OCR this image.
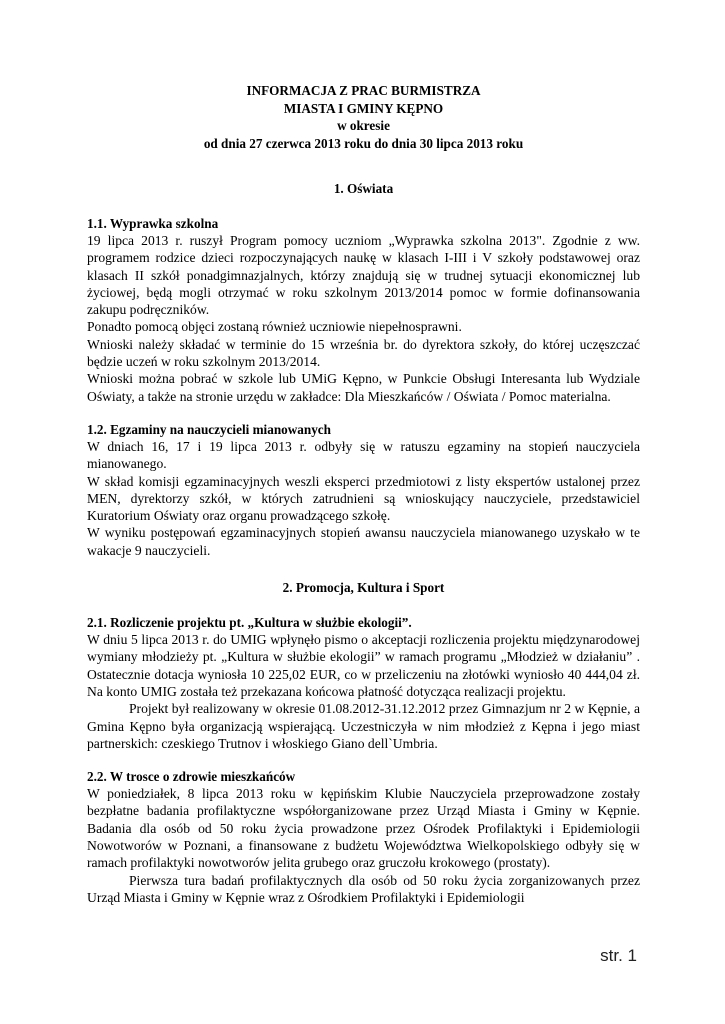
INFORMACJA Z PRAC BURMISTRZA
MIASTA I GMINY KĘPNO
w okresie
od dnia 27 czerwca 2013 roku do dnia 30 lipca 2013 roku
1. Oświata
1.1. Wyprawka szkolna

19 lipca 2013 r. ruszył Program pomocy uczniom „Wyprawka szkolna 2013". Zgodnie z ww. programem rodzice dzieci rozpoczynających naukę w klasach I-III i V szkoły podstawowej oraz klasach II szkół ponadgimnazjalnych, którzy znajdują się w trudnej sytuacji ekonomicznej lub życiowej, będą mogli otrzymać w roku szkolnym 2013/2014 pomoc w formie dofinansowania zakupu podręczników.

Ponadto pomocą objęci zostaną również uczniowie niepełnosprawni.

Wnioski należy składać w terminie do 15 września br. do dyrektora szkoły, do której uczęszczać będzie uczeń w roku szkolnym 2013/2014.

Wnioski można pobrać w szkole lub UMiG Kępno, w Punkcie Obsługi Interesanta lub Wydziale Oświaty, a także na stronie urzędu w zakładce: Dla Mieszkańców / Oświata / Pomoc materialna.

1.2. Egzaminy na nauczycieli mianowanych

W dniach 16, 17 i 19 lipca 2013 r. odbyły się w ratuszu egzaminy na stopień nauczyciela mianowanego.

W skład komisji egzaminacyjnych weszli eksperci przedmiotowi z listy ekspertów ustalonej przez MEN, dyrektorzy szkół, w których zatrudnieni są wnioskujący nauczyciele, przedstawiciel Kuratorium Oświaty oraz organu prowadzącego szkołę.

W wyniku postępowań egzaminacyjnych stopień awansu nauczyciela mianowanego uzyskało w te wakacje 9 nauczycieli.

2. Promocja, Kultura i Sport
2.1. Rozliczenie projektu pt. „Kultura w służbie ekologii”.

W dniu 5 lipca 2013 r. do UMIG wpłynęło pismo o akceptacji rozliczenia projektu międzynarodowej wymiany młodzieży pt. „Kultura w służbie ekologii” w ramach programu „Młodzież w działaniu” . Ostatecznie dotacja wyniosła 10 225,02 EUR, co w przeliczeniu na złotówki wyniosło 40 444,04 zł. Na konto UMIG została też przekazana końcowa płatność dotycząca realizacji projektu.

Projekt był realizowany w okresie 01.08.2012-31.12.2012 przez Gimnazjum nr 2 w Kępnie, a Gmina Kępno była organizacją wspierającą. Uczestniczyła w nim młodzież z Kępna i jego miast partnerskich: czeskiego Trutnov i włoskiego Giano dell`Umbria.

2.2. W trosce o zdrowie mieszkańców

W poniedziałek, 8 lipca 2013 roku w kępińskim Klubie Nauczyciela przeprowadzone zostały bezpłatne badania profilaktyczne współorganizowane przez Urząd Miasta i Gminy w Kępnie. Badania dla osób od 50 roku życia prowadzone przez Ośrodek Profilaktyki i Epidemiologii Nowotworów w Poznani, a finansowane z budżetu Województwa Wielkopolskiego odbyły się w ramach profilaktyki nowotworów jelita grubego oraz gruczołu krokowego (prostaty).

Pierwsza tura badań profilaktycznych dla osób od 50 roku życia zorganizowanych przez Urząd Miasta i Gminy w Kępnie wraz z Ośrodkiem Profilaktyki i Epidemiologii

str. 1
